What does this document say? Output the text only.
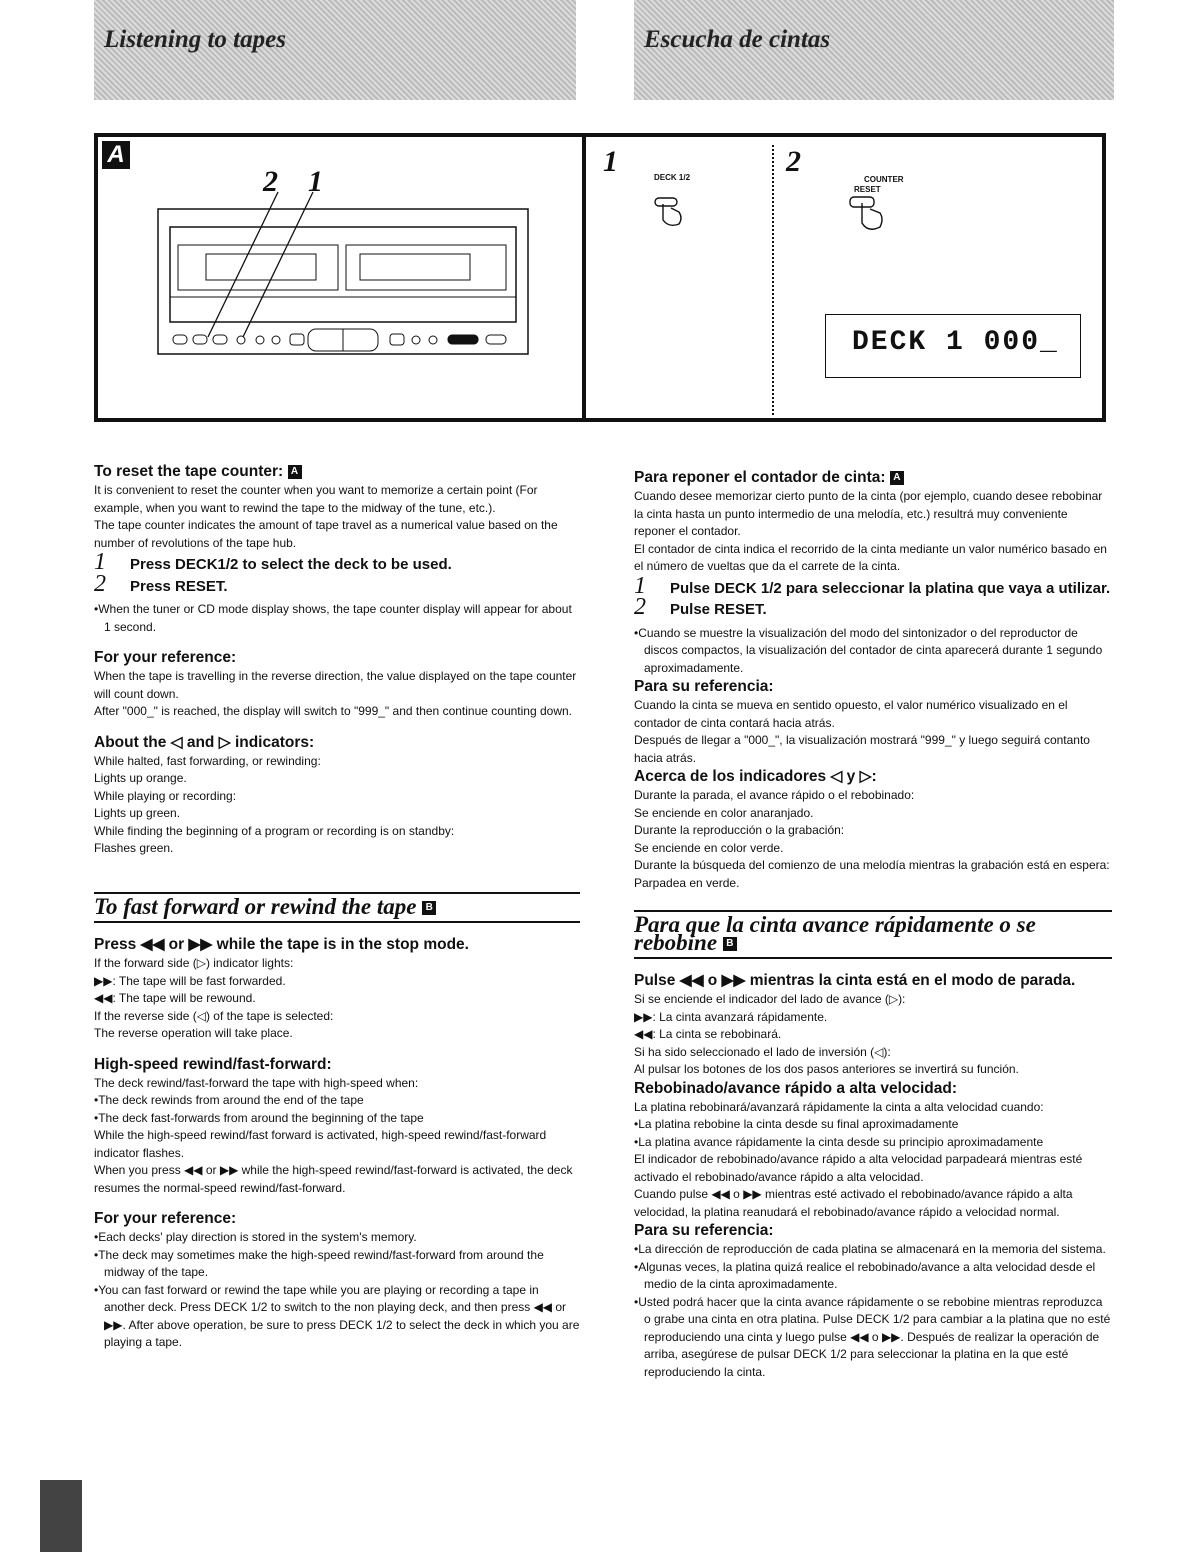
Listening to tapes	Escucha de cintas
A
2 1
1	DECK 1/2	2
COUNTER
RESET
DECK 1 000_

To reset the tape counter: A

It is convenient to reset the counter when you want to memorize a certain point (For example, when you want to rewind the tape to the midway of the tune, etc.).

The tape counter indicates the amount of tape travel as a numerical value based on the number of revolutions of the tape hub.

1	Press DECK1/2 to select the deck to be used.
2	Press RESET.

•When the tuner or CD mode display shows, the tape counter display will appear for about 1 second.

For your reference:

When the tape is travelling in the reverse direction, the value displayed on the tape counter will count down.

After "000_" is reached, the display will switch to "999_" and then continue counting down.

About the ◁ and ▷ indicators:

While halted, fast forwarding, or rewinding:

Lights up orange.

While playing or recording:

Lights up green.

While finding the beginning of a program or recording is on standby:

Flashes green.

To fast forward or rewind the tape B

Press ◀◀ or ▶▶ while the tape is in the stop mode.

If the forward side (▷) indicator lights:

▶▶: The tape will be fast forwarded.

◀◀: The tape will be rewound.

If the reverse side (◁) of the tape is selected:

The reverse operation will take place.

High-speed rewind/fast-forward:

The deck rewind/fast-forward the tape with high-speed when:

•The deck rewinds from around the end of the tape

•The deck fast-forwards from around the beginning of the tape

While the high-speed rewind/fast forward is activated, high-speed rewind/fast-forward indicator flashes.

When you press ◀◀ or ▶▶ while the high-speed rewind/fast-forward is activated, the deck resumes the normal-speed rewind/fast-forward.

For your reference:

•Each decks' play direction is stored in the system's memory.

•The deck may sometimes make the high-speed rewind/fast-forward from around the midway of the tape.

•You can fast forward or rewind the tape while you are playing or recording a tape in another deck. Press DECK 1/2 to switch to the non playing deck, and then press ◀◀ or ▶▶. After above operation, be sure to press DECK 1/2 to select the deck in which you are playing a tape.

Para reponer el contador de cinta: A

Cuando desee memorizar cierto punto de la cinta (por ejemplo, cuando desee rebobinar la cinta hasta un punto intermedio de una melodía, etc.) resultrá muy conveniente reponer el contador.

El contador de cinta indica el recorrido de la cinta mediante un valor numérico basado en el número de vueltas que da el carrete de la cinta.

1	Pulse DECK 1/2 para seleccionar la platina que vaya a utilizar.
2	Pulse RESET.

•Cuando se muestre la visualización del modo del sintonizador o del reproductor de discos compactos, la visualización del contador de cinta aparecerá durante 1 segundo aproximadamente.

Para su referencia:

Cuando la cinta se mueva en sentido opuesto, el valor numérico visualizado en el contador de cinta contará hacia atrás.

Después de llegar a "000_", la visualización mostrará "999_" y luego seguirá contanto hacia atrás.

Acerca de los indicadores ◁ y ▷:

Durante la parada, el avance rápido o el rebobinado:

Se enciende en color anaranjado.

Durante la reproducción o la grabación:

Se enciende en color verde.

Durante la búsqueda del comienzo de una melodía mientras la grabación está en espera:

Parpadea en verde.

Para que la cinta avance rápidamente o se rebobine B

Pulse ◀◀ o ▶▶ mientras la cinta está en el modo de parada.

Si se enciende el indicador del lado de avance (▷):

▶▶: La cinta avanzará rápidamente.

◀◀: La cinta se rebobinará.

Si ha sido seleccionado el lado de inversión (◁):

Al pulsar los botones de los dos pasos anteriores se invertirá su función.

Rebobinado/avance rápido a alta velocidad:

La platina rebobinará/avanzará rápidamente la cinta a alta velocidad cuando:

•La platina rebobine la cinta desde su final aproximadamente

•La platina avance rápidamente la cinta desde su principio aproximadamente

El indicador de rebobinado/avance rápido a alta velocidad parpadeará mientras esté activado el rebobinado/avance rápido a alta velocidad.

Cuando pulse ◀◀ o ▶▶ mientras esté activado el rebobinado/avance rápido a alta velocidad, la platina reanudará el rebobinado/avance rápido a velocidad normal.

Para su referencia:

•La dirección de reproducción de cada platina se almacenará en la memoria del sistema.

•Algunas veces, la platina quizá realice el rebobinado/avance a alta velocidad desde el medio de la cinta aproximadamente.

•Usted podrá hacer que la cinta avance rápidamente o se rebobine mientras reproduzca o grabe una cinta en otra platina. Pulse DECK 1/2 para cambiar a la platina que no esté reproduciendo una cinta y luego pulse ◀◀ o ▶▶. Después de realizar la operación de arriba, asegúrese de pulsar DECK 1/2 para seleccionar la platina en la que esté reproduciendo la cinta.
